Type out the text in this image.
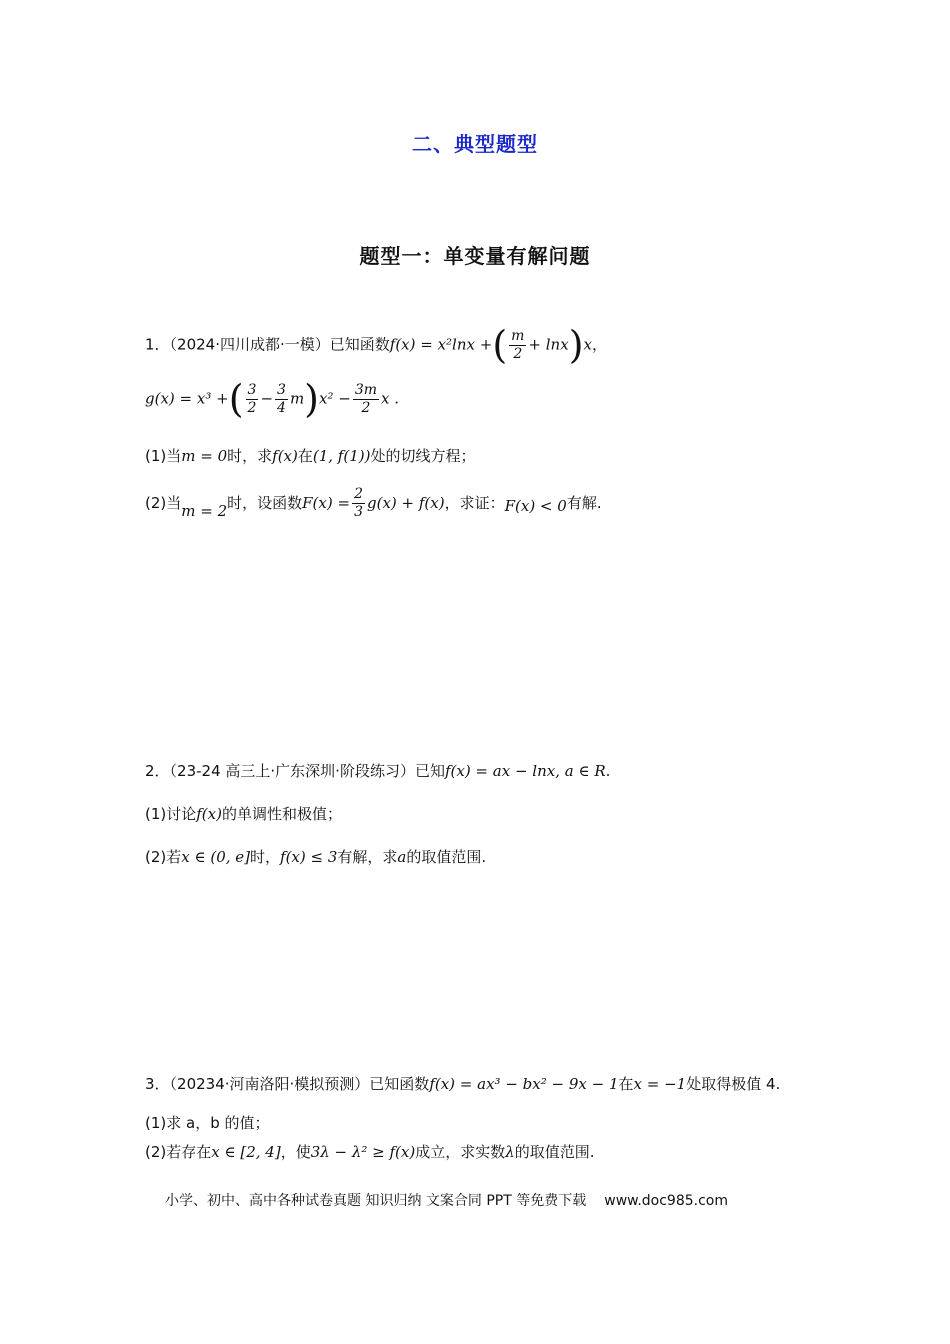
二、典型题型
题型一：单变量有解问题
1．（2024·四川成都·一模）已知函数f(x) = x²lnx +( $\frac{m}{2} + \ln x)x$，
g(x) = x³ +( $\frac{3}{2} - \frac{3}{4} m)x^2 - \frac{3m}{2}$ x .
(1)当m = 0时，求f(x)在(1, f(1))处的切线方程；
(2)当m = 2时，设函数$F(x) = \frac{2}{3} g(x) + f(x)$，求证：F(x) < 0有解.
2．（23-24 高三上·广东深圳·阶段练习）已知f(x) = ax − lnx, a ∈ R.
(1)讨论f(x)的单调性和极值；
(2)若x ∈ (0, e]时，f(x) ≤ 3有解，求a的取值范围.
3．（20234·河南洛阳·模拟预测）已知函数f(x) = ax³ − bx² − 9x − 1在x = −1处取得极值 4.
(1)求 a，b 的值；
(2)若存在x ∈ [2, 4]，使3λ − λ² ≥ f(x)成立，求实数λ的取值范围.
小学、初中、高中各种试卷真题 知识归纳 文案合同 PPT 等免费下载 www.doc985.com
